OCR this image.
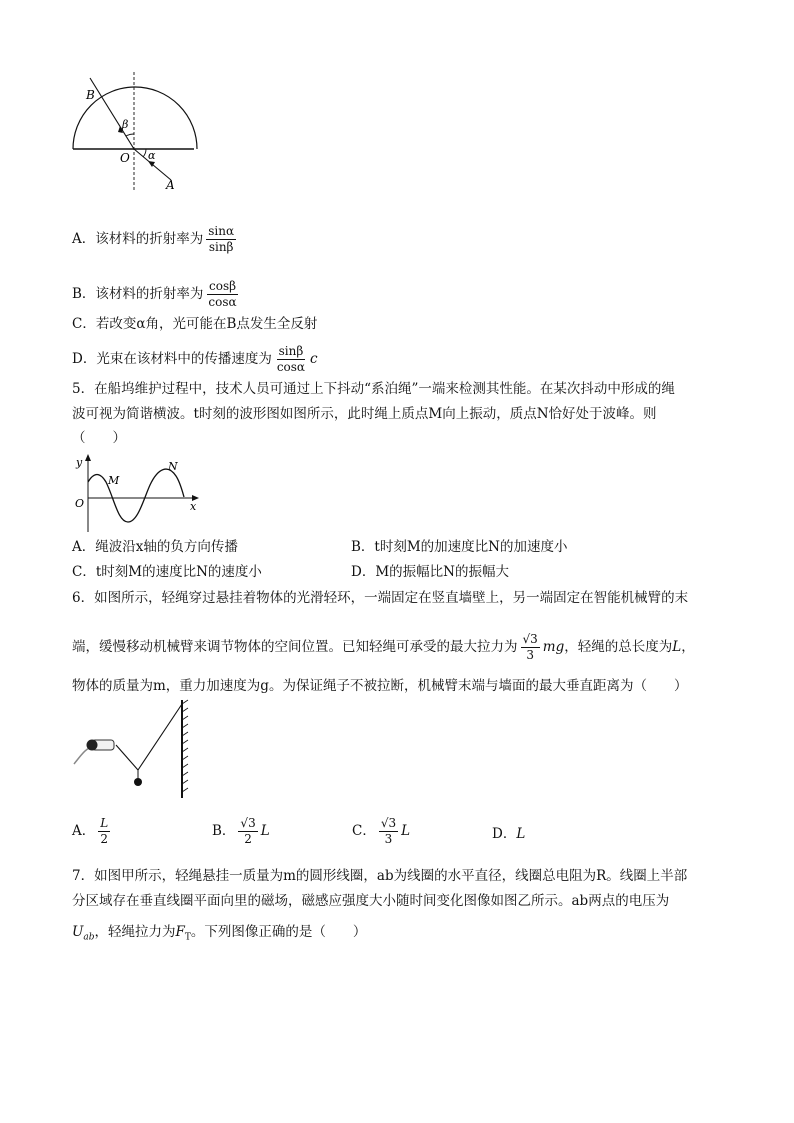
B
β
O α
A
A．该材料的折射率为 $\frac{\sin\alpha}{\sin\beta}$
B．该材料的折射率为 $\frac{\cos\beta}{\cos\alpha}$
C．若改变α角，光可能在B点发生全反射
D．光束在该材料中的传播速度为 $\frac{\sin\beta}{\cos\alpha}$ c
5．在船坞维护过程中，技术人员可通过上下抖动“系泊绳”一端来检测其性能。在某次抖动中形成的绳
波可视为简谐横波。t时刻的波形图如图所示，此时绳上质点M向上振动，质点N恰好处于波峰。则
（　　）
y
x
O
M
N
A．绳波沿x轴的负方向传播	B．t时刻M的加速度比N的加速度小
C．t时刻M的速度比N的速度小	D．M的振幅比N的振幅大
6．如图所示，轻绳穿过悬挂着物体的光滑轻环，一端固定在竖直墙壁上，另一端固定在智能机械臂的末
端，缓慢移动机械臂来调节物体的空间位置。已知轻绳可承受的最大拉力为 $\frac{√3}{3}$ mg，轻绳的总长度为L，
物体的质量为m，重力加速度为g。为保证绳子不被拉断，机械臂末端与墙面的最大垂直距离为（　　）
A． $\frac{L}{2}$	B． $\frac{√3}{2}$ L	C． $\frac{√3}{3}$ L	D．L
7．如图甲所示，轻绳悬挂一质量为m的圆形线圈，ab为线圈的水平直径，线圈总电阻为R。线圈上半部
分区域存在垂直线圈平面向里的磁场，磁感应强度大小随时间变化图像如图乙所示。ab两点的电压为
$U_{ab}$，轻绳拉力为$F_T$。下列图像正确的是（　　）
